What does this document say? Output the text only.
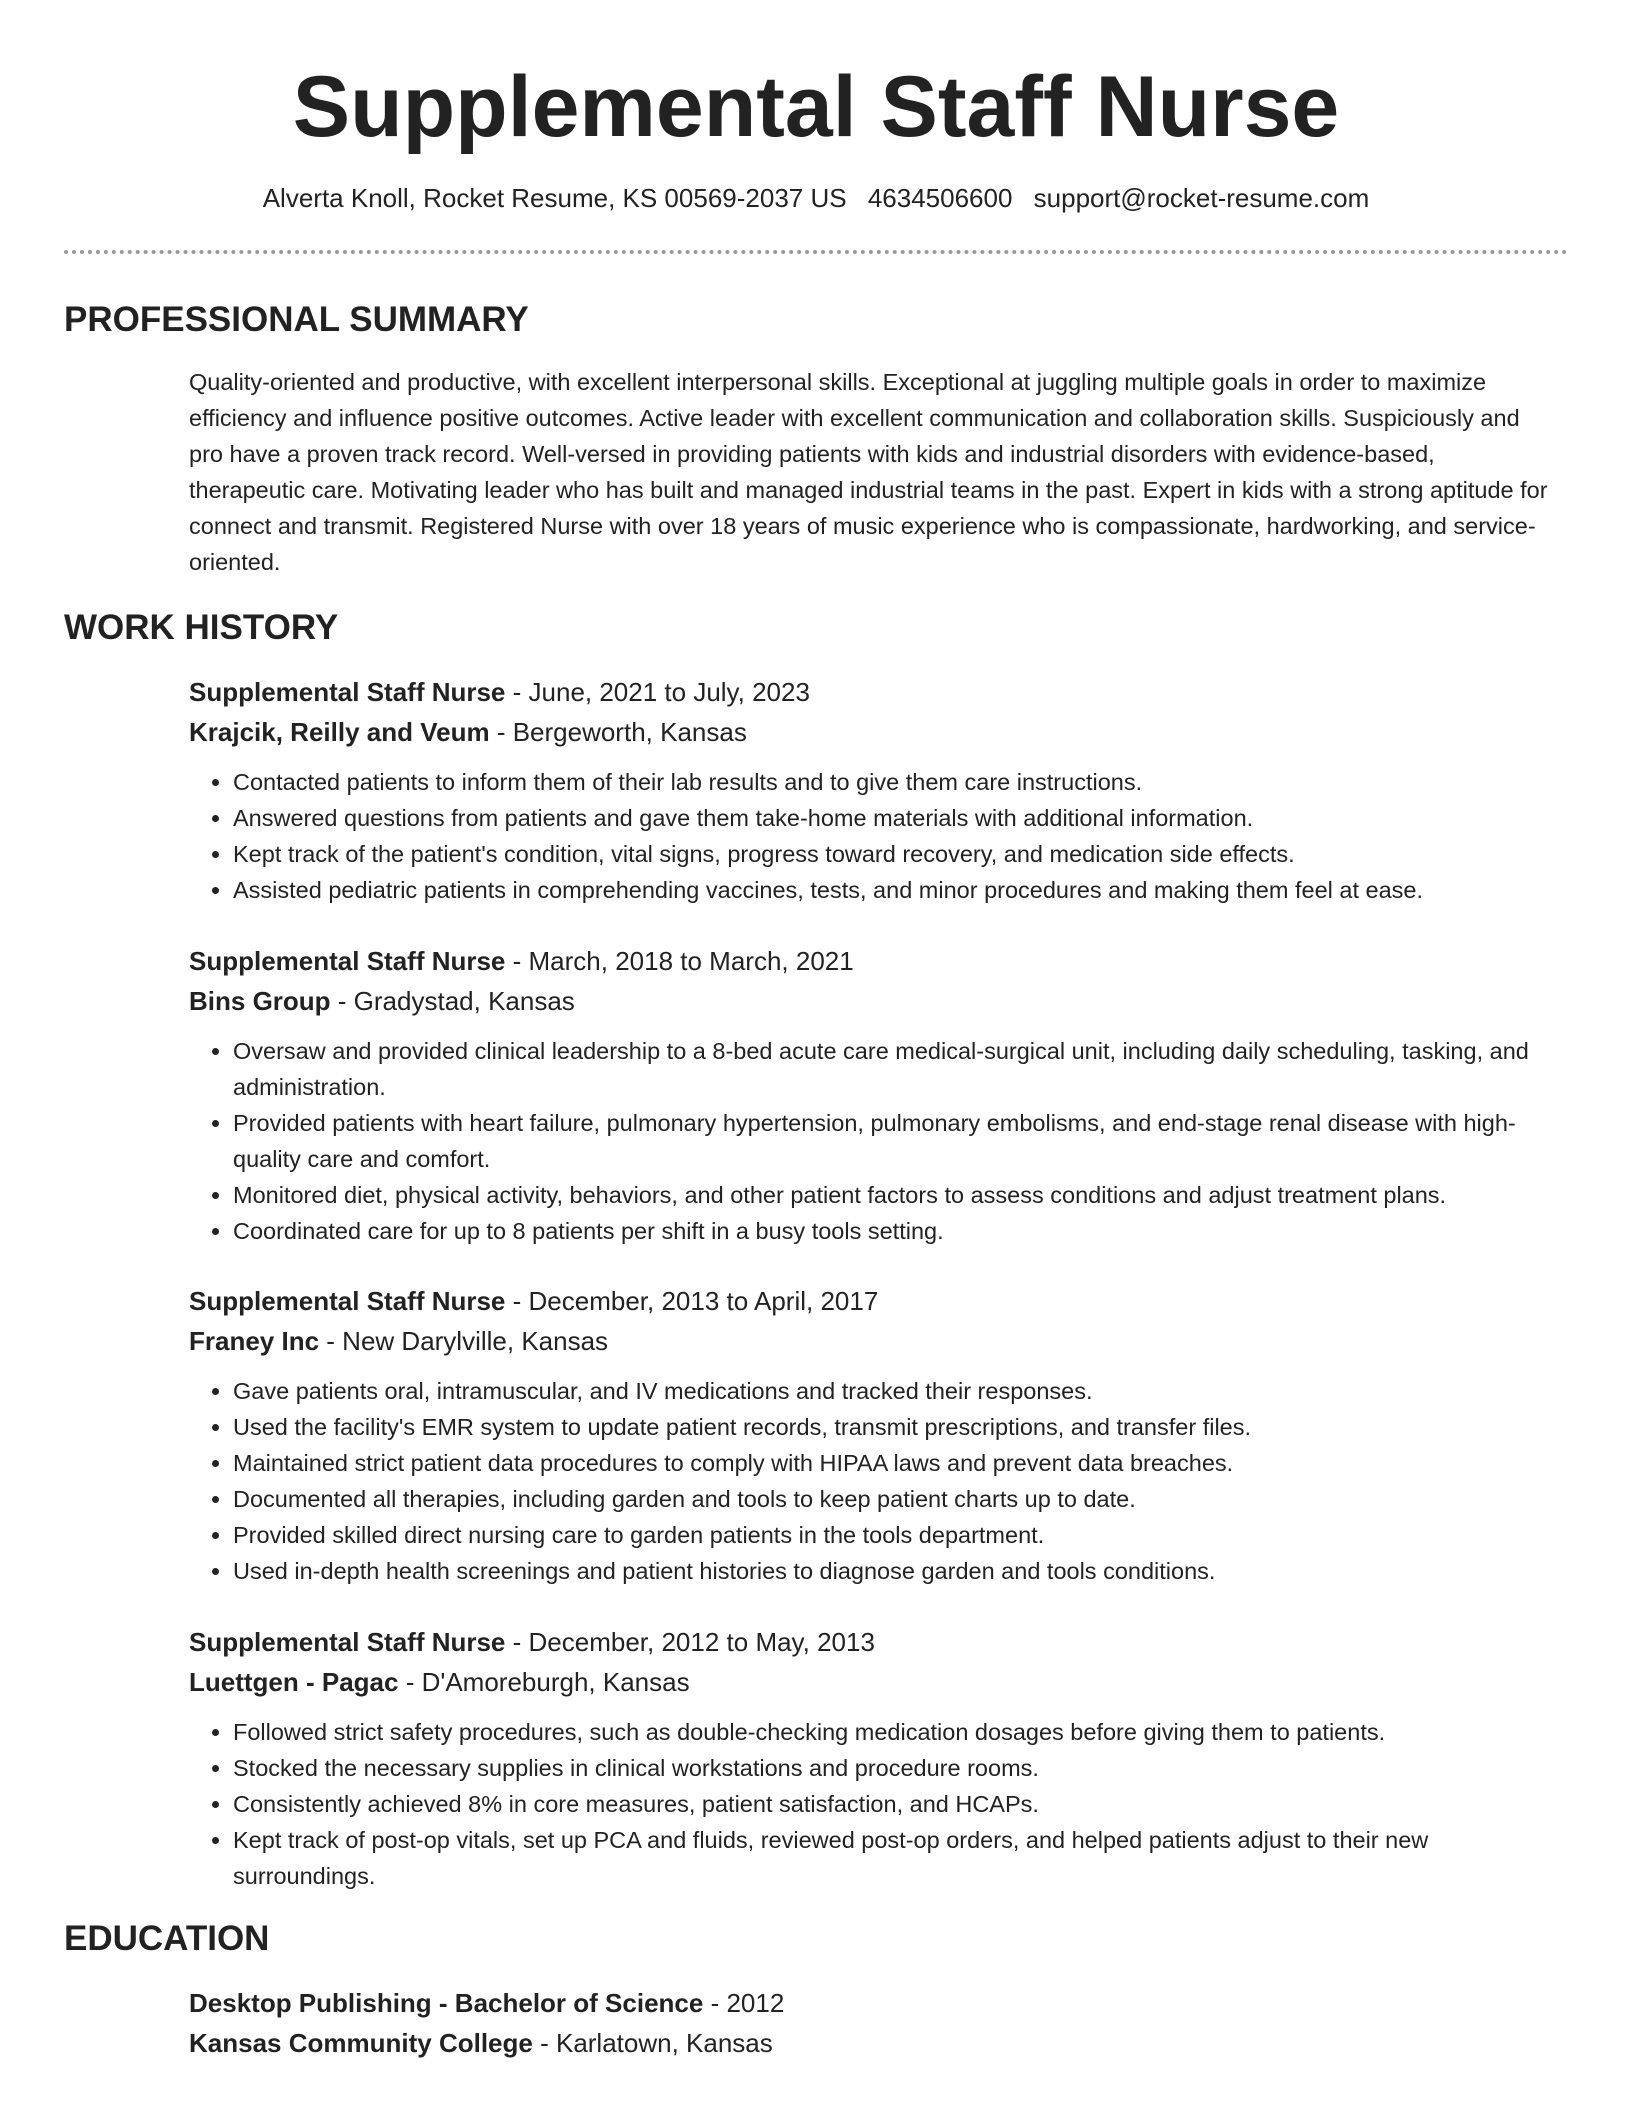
Supplemental Staff Nurse
Alverta Knoll, Rocket Resume, KS 00569-2037 US 4634506600 support@rocket-resume.com
PROFESSIONAL SUMMARY

Quality-oriented and productive, with excellent interpersonal skills. Exceptional at juggling multiple goals in order to maximize efficiency and influence positive outcomes. Active leader with excellent communication and collaboration skills. Suspiciously and pro have a proven track record. Well-versed in providing patients with kids and industrial disorders with evidence-based, therapeutic care. Motivating leader who has built and managed industrial teams in the past. Expert in kids with a strong aptitude for connect and transmit. Registered Nurse with over 18 years of music experience who is compassionate, hardworking, and service-oriented.

WORK HISTORY
Supplemental Staff Nurse - June, 2021 to July, 2023
Krajcik, Reilly and Veum - Bergeworth, Kansas
• Contacted patients to inform them of their lab results and to give them care instructions.
• Answered questions from patients and gave them take-home materials with additional information.
• Kept track of the patient's condition, vital signs, progress toward recovery, and medication side effects.
• Assisted pediatric patients in comprehending vaccines, tests, and minor procedures and making them feel at ease.
Supplemental Staff Nurse - March, 2018 to March, 2021
Bins Group - Gradystad, Kansas
• Oversaw and provided clinical leadership to a 8-bed acute care medical-surgical unit, including daily scheduling, tasking, and administration.
• Provided patients with heart failure, pulmonary hypertension, pulmonary embolisms, and end-stage renal disease with high-quality care and comfort.
• Monitored diet, physical activity, behaviors, and other patient factors to assess conditions and adjust treatment plans.
• Coordinated care for up to 8 patients per shift in a busy tools setting.
Supplemental Staff Nurse - December, 2013 to April, 2017
Franey Inc - New Darylville, Kansas
• Gave patients oral, intramuscular, and IV medications and tracked their responses.
• Used the facility's EMR system to update patient records, transmit prescriptions, and transfer files.
• Maintained strict patient data procedures to comply with HIPAA laws and prevent data breaches.
• Documented all therapies, including garden and tools to keep patient charts up to date.
• Provided skilled direct nursing care to garden patients in the tools department.
• Used in-depth health screenings and patient histories to diagnose garden and tools conditions.
Supplemental Staff Nurse - December, 2012 to May, 2013
Luettgen - Pagac - D'Amoreburgh, Kansas
• Followed strict safety procedures, such as double-checking medication dosages before giving them to patients.
• Stocked the necessary supplies in clinical workstations and procedure rooms.
• Consistently achieved 8% in core measures, patient satisfaction, and HCAPs.
• Kept track of post-op vitals, set up PCA and fluids, reviewed post-op orders, and helped patients adjust to their new surroundings.
EDUCATION
Desktop Publishing - Bachelor of Science - 2012
Kansas Community College - Karlatown, Kansas
